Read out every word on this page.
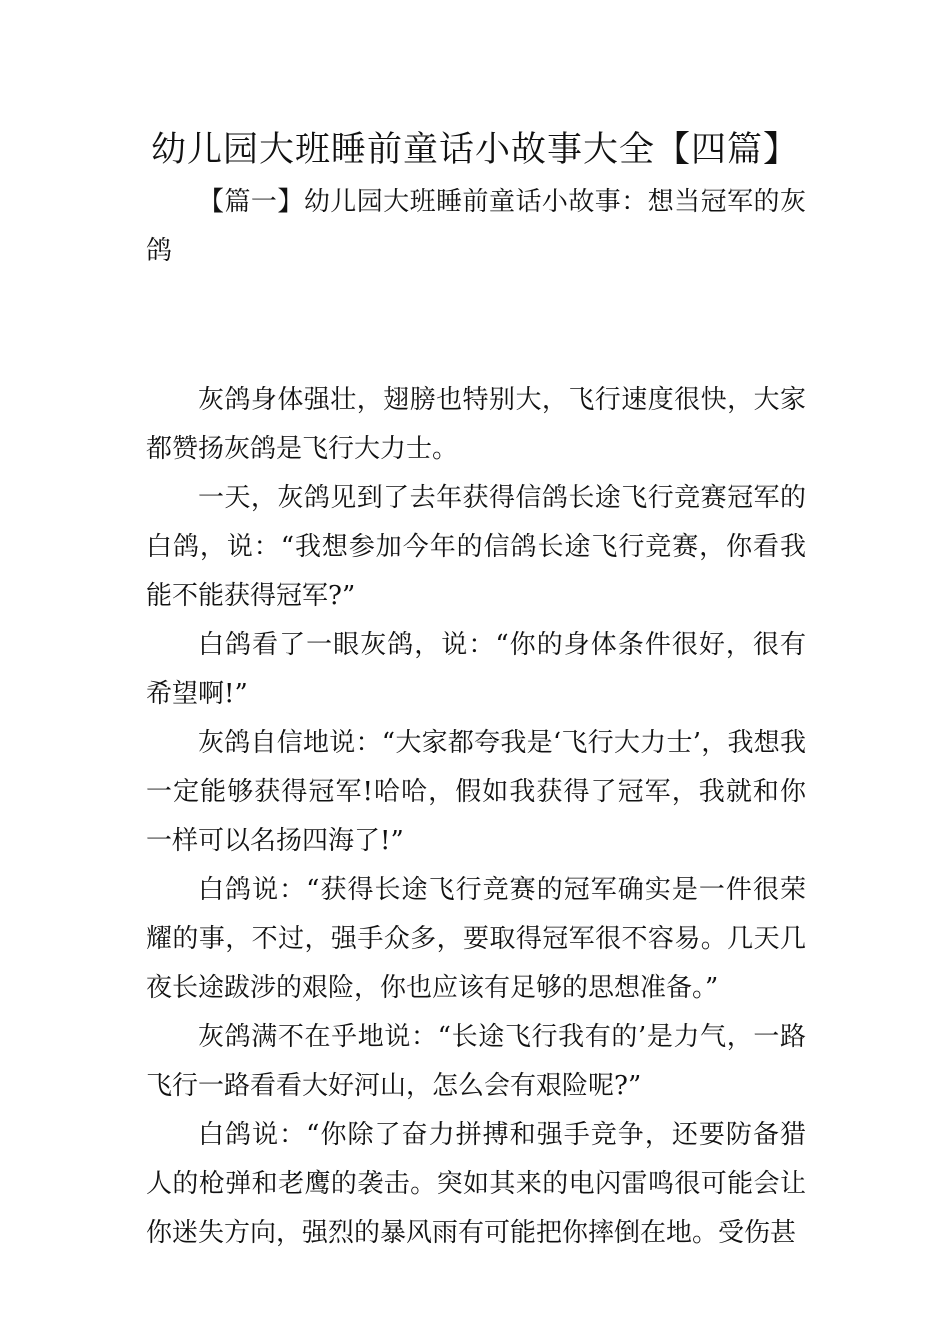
幼儿园大班睡前童话小故事大全【四篇】

【篇一】幼儿园大班睡前童话小故事：想当冠军的灰鸽

灰鸽身体强壮，翅膀也特别大，飞行速度很快，大家都赞扬灰鸽是飞行大力士。

一天，灰鸽见到了去年获得信鸽长途飞行竞赛冠军的白鸽，说：“我想参加今年的信鸽长途飞行竞赛，你看我能不能获得冠军?”

白鸽看了一眼灰鸽，说：“你的身体条件很好，很有希望啊!”

灰鸽自信地说：“大家都夸我是‘飞行大力士’，我想我一定能够获得冠军!哈哈，假如我获得了冠军，我就和你一样可以名扬四海了!”

白鸽说：“获得长途飞行竞赛的冠军确实是一件很荣耀的事，不过，强手众多，要取得冠军很不容易。几天几夜长途跋涉的艰险，你也应该有足够的思想准备。”

灰鸽满不在乎地说：“长途飞行我有的’是力气，一路飞行一路看看大好河山，怎么会有艰险呢?”

白鸽说：“你除了奋力拼搏和强手竞争，还要防备猎人的枪弹和老鹰的袭击。突如其来的电闪雷鸣很可能会让你迷失方向，强烈的暴风雨有可能把你摔倒在地。受伤甚
